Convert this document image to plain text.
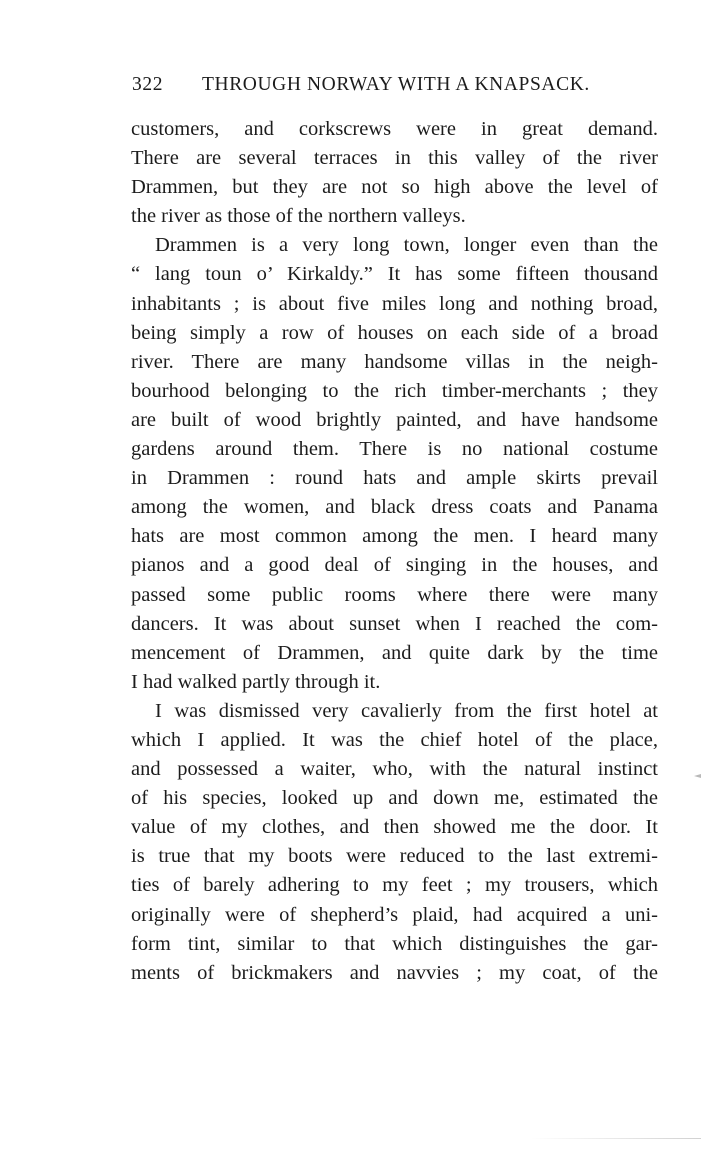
322 THROUGH NORWAY WITH A KNAPSACK.
customers, and corkscrews were in great demand.
There are several terraces in this valley of the river
Drammen, but they are not so high above the level of
the river as those of the northern valleys.
Drammen is a very long town, longer even than the
“ lang toun o’ Kirkaldy.” It has some fifteen thousand
inhabitants ; is about five miles long and nothing broad,
being simply a row of houses on each side of a broad
river. There are many handsome villas in the neigh-
bourhood belonging to the rich timber-merchants ; they
are built of wood brightly painted, and have handsome
gardens around them. There is no national costume
in Drammen : round hats and ample skirts prevail
among the women, and black dress coats and Panama
hats are most common among the men. I heard many
pianos and a good deal of singing in the houses, and
passed some public rooms where there were many
dancers. It was about sunset when I reached the com-
mencement of Drammen, and quite dark by the time
I had walked partly through it.
I was dismissed very cavalierly from the first hotel at
which I applied. It was the chief hotel of the place,
and possessed a waiter, who, with the natural instinct
of his species, looked up and down me, estimated the
value of my clothes, and then showed me the door. It
is true that my boots were reduced to the last extremi-
ties of barely adhering to my feet ; my trousers, which
originally were of shepherd’s plaid, had acquired a uni-
form tint, similar to that which distinguishes the gar-
ments of brickmakers and navvies ; my coat, of the
